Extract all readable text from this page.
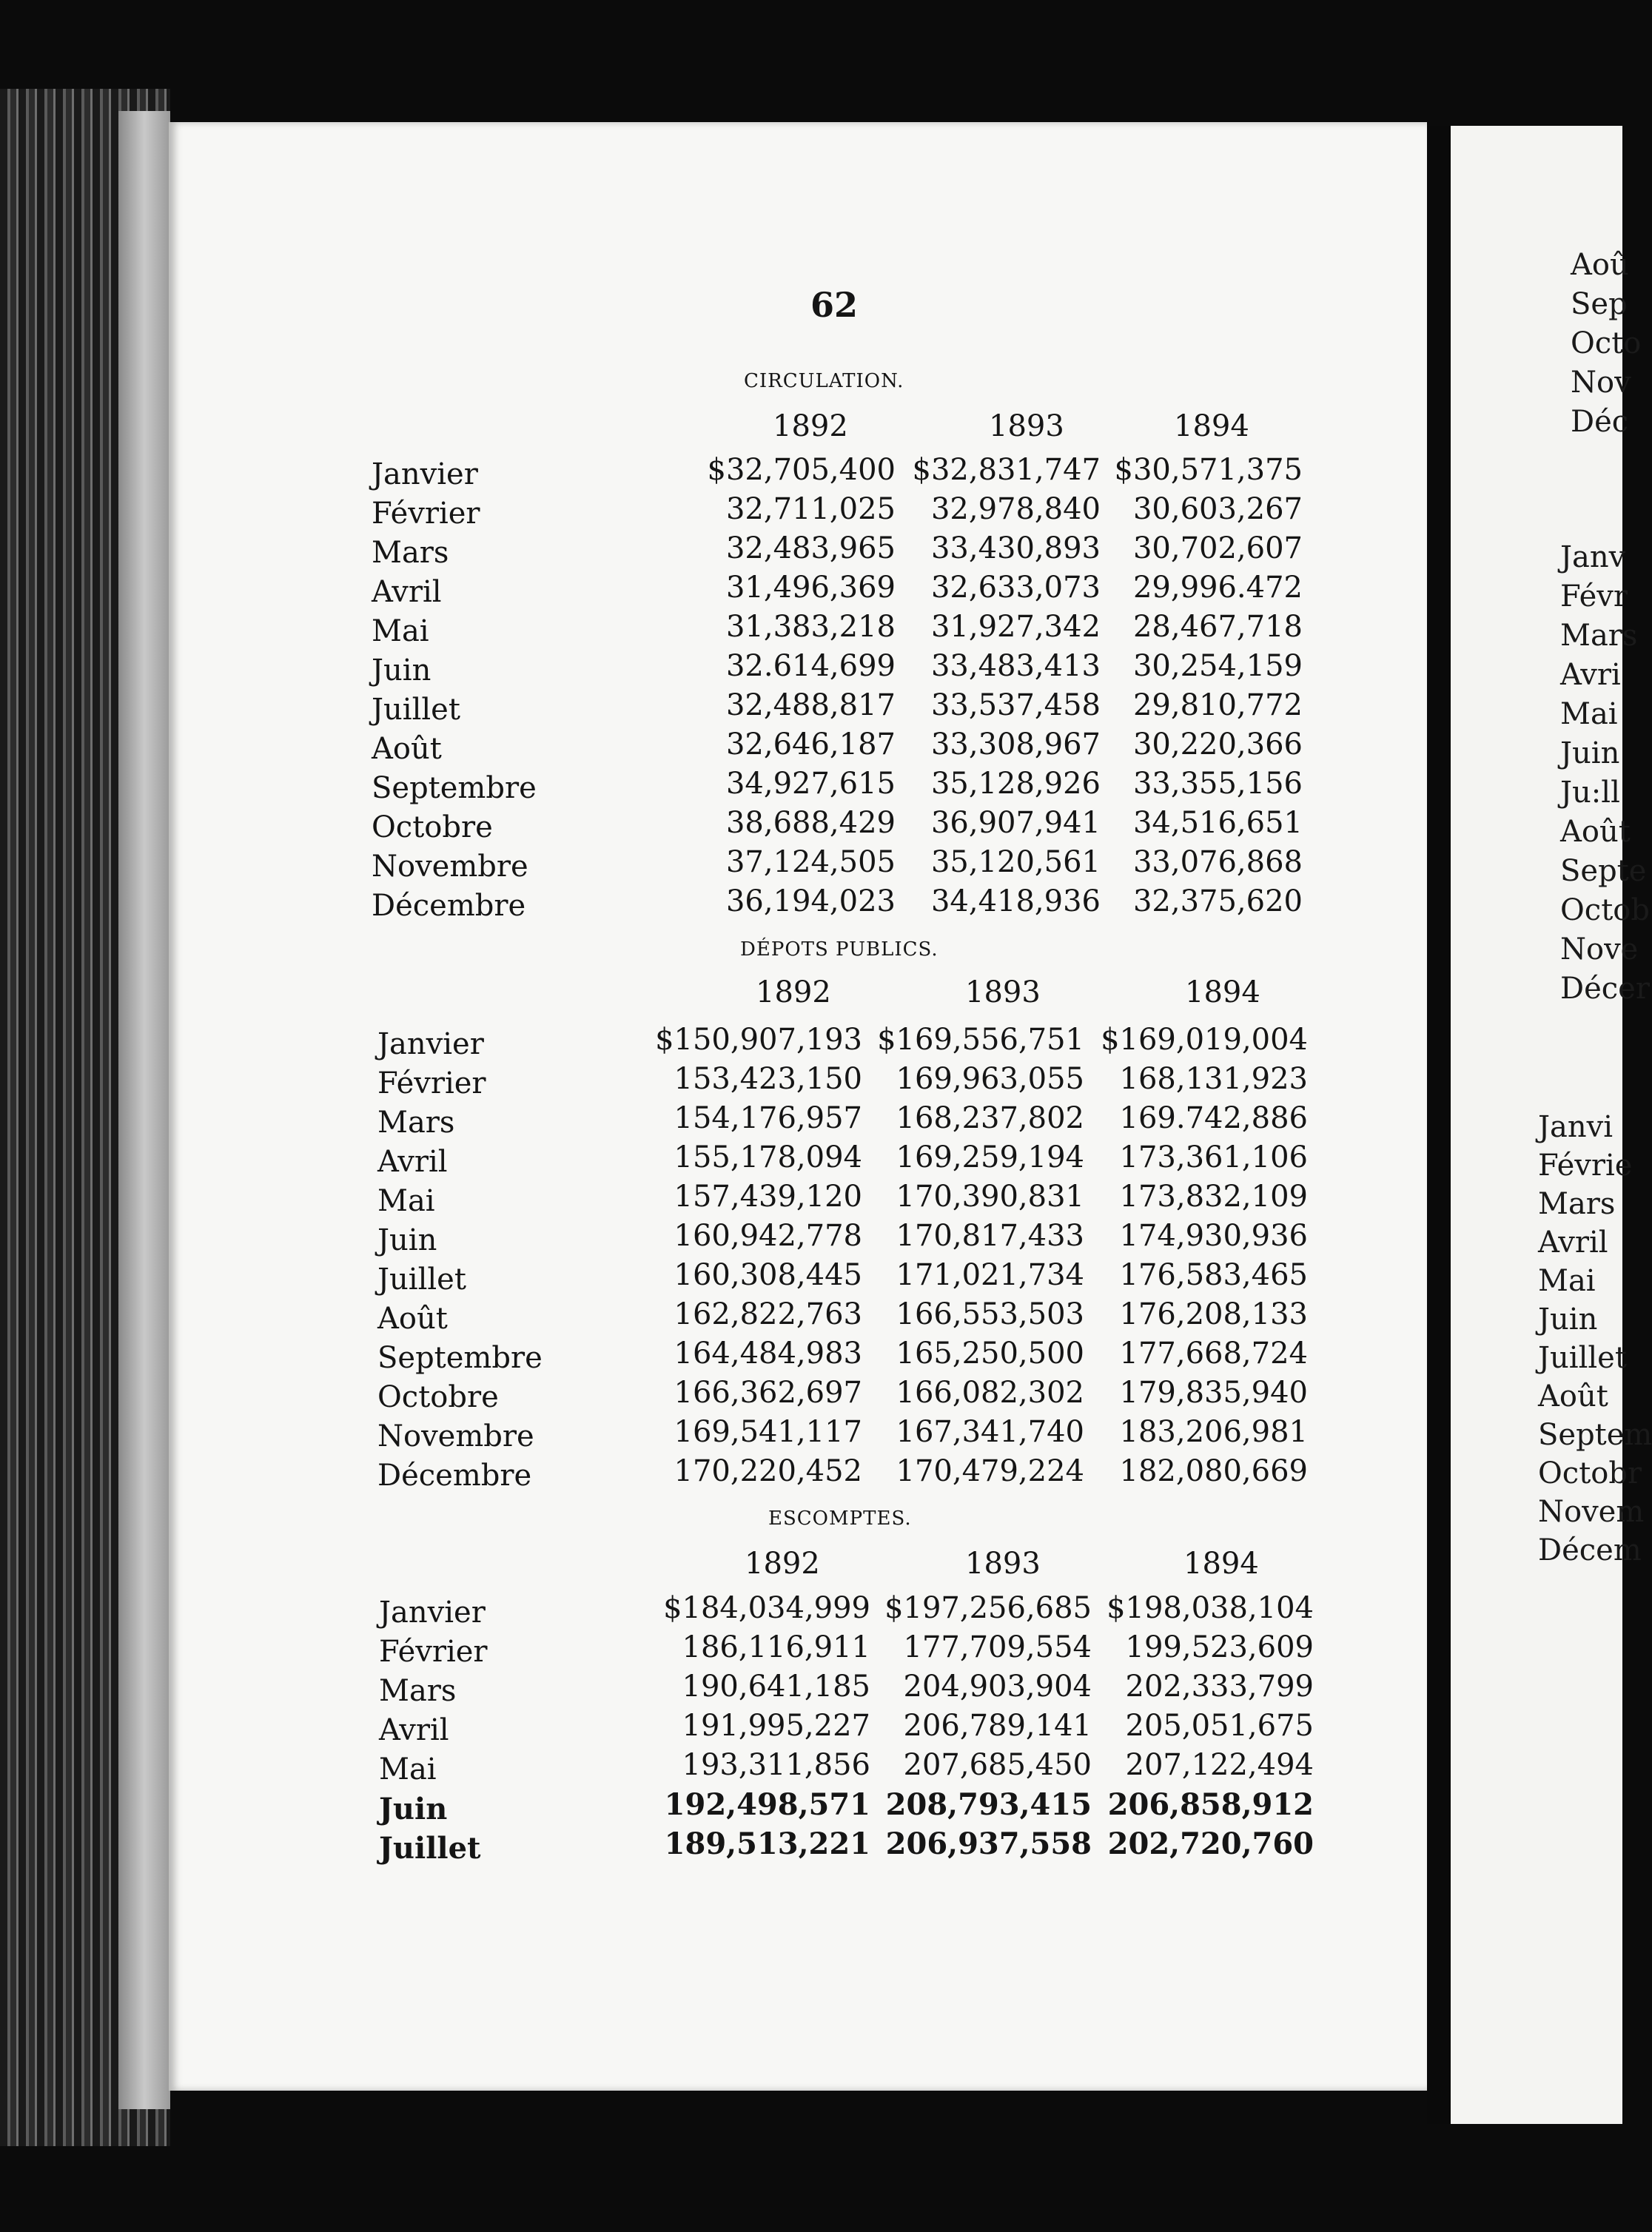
Aoû
Sep
Octo
Nov
Déc
Janv
Févr
Mars
Avri
Mai
Juin
Ju:ll
Août
Septe
Octob
Nove
Décer
Janvi
Févrie
Mars
Avril
Mai
Juin
Juillet
Août
Septem
Octobr
Novem
Décem
62
CIRCULATION.
1892	1893	1894
Janvier	$32,705,400 $32,831,747 $30,571,375
Février	32,711,025	32,978,840	30,603,267
Mars	32,483,965	33,430,893	30,702,607
Avril	31,496,369	32,633,073	29,996.472
Mai	31,383,218	31,927,342	28,467,718
Juin	32.614,699	33,483,413	30,254,159
Juillet	32,488,817	33,537,458	29,810,772
Août	32,646,187	33,308,967	30,220,366
Septembre	34,927,615	35,128,926	33,355,156
Octobre	38,688,429	36,907,941	34,516,651
Novembre	37,124,505	35,120,561	33,076,868
Décembre	36,194,023	34,418,936	32,375,620
DÉPOTS PUBLICS.
1892	1893	1894
Janvier	$150,907,193 $169,556,751 $169,019,004
Février	153,423,150	169,963,055	168,131,923
Mars	154,176,957	168,237,802	169.742,886
Avril	155,178,094	169,259,194	173,361,106
Mai	157,439,120	170,390,831	173,832,109
Juin	160,942,778	170,817,433	174,930,936
Juillet	160,308,445	171,021,734	176,583,465
Août	162,822,763	166,553,503	176,208,133
Septembre	164,484,983	165,250,500	177,668,724
Octobre	166,362,697	166,082,302	179,835,940
Novembre	169,541,117	167,341,740	183,206,981
Décembre	170,220,452	170,479,224	182,080,669
ESCOMPTES.
1892	1893	1894
Janvier	$184,034,999 $197,256,685 $198,038,104
Février	186,116,911	177,709,554	199,523,609
Mars	190,641,185	204,903,904	202,333,799
Avril	191,995,227	206,789,141	205,051,675
Mai	193,311,856	207,685,450	207,122,494
Juin	192,498,571 208,793,415 206,858,912
Juillet	189,513,221 206,937,558 202,720,760
